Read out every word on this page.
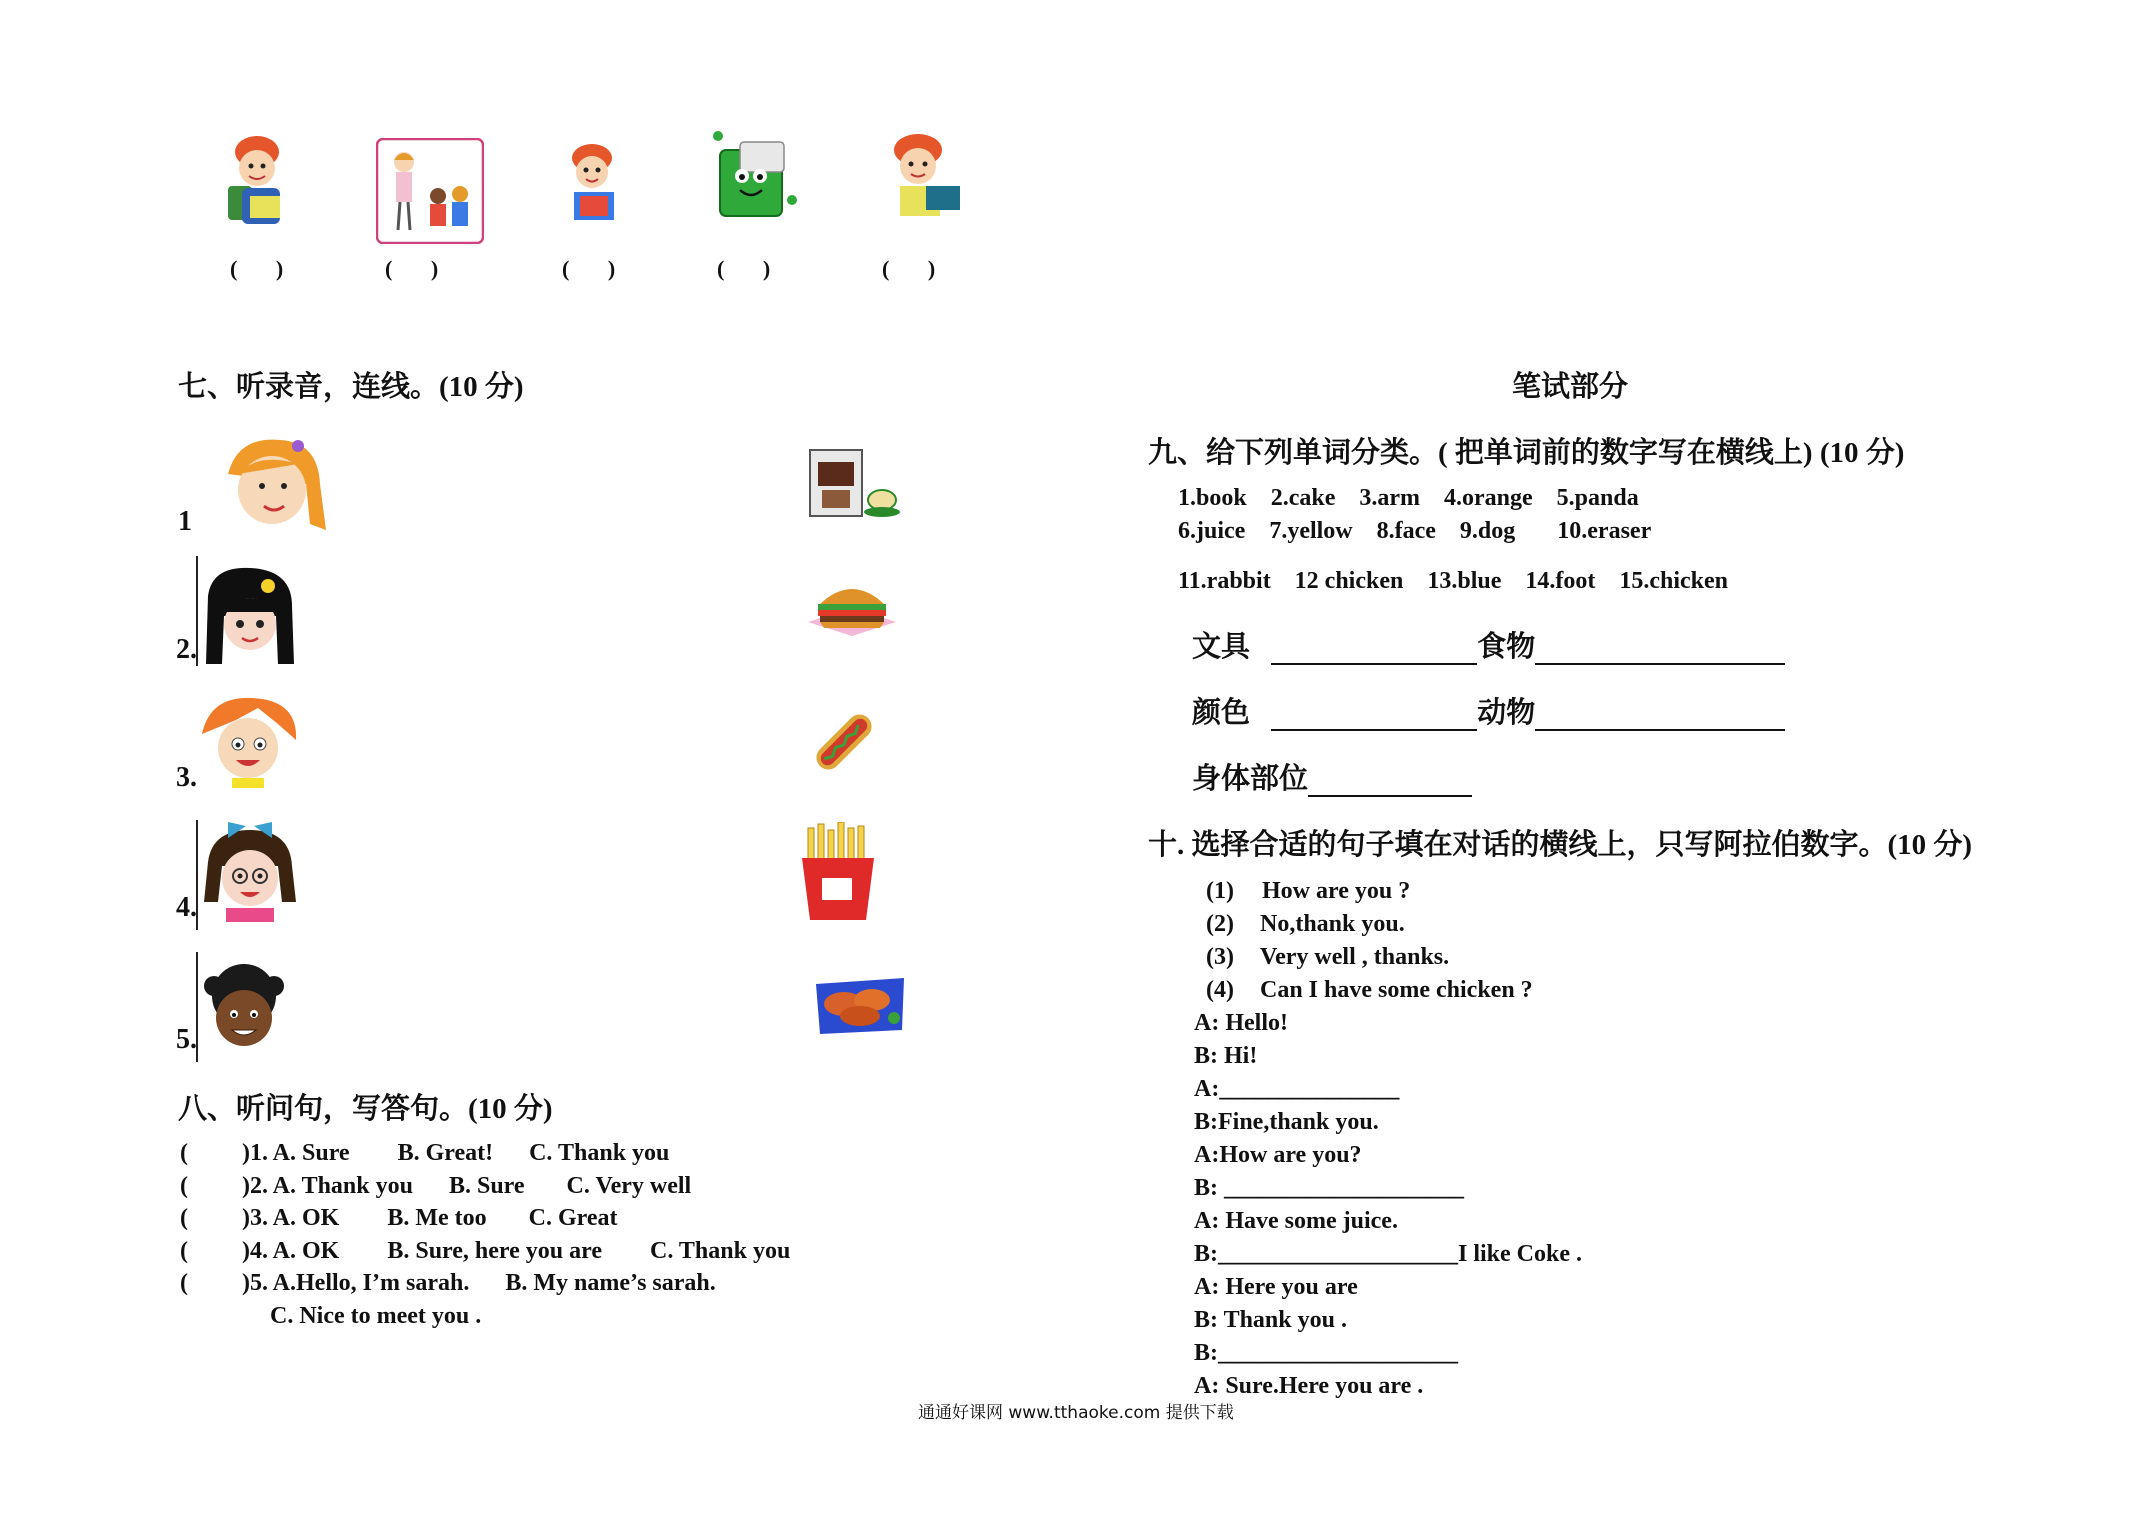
(       )	(       )	(       )	(       )	(       )
七、听录音，连线。(10 分)
1
2.
3.
4.
5.
八、听问句，写答句。(10 分)
( )1. A. Sure        B. Great!      C. Thank you
( )2. A. Thank you      B. Sure       C. Very well
( )3. A. OK        B. Me too       C. Great
( )4. A. OK        B. Sure, here you are        C. Thank you
( )5. A.Hello, I’m sarah.      B. My name’s sarah.
C. Nice to meet you .
笔试部分
九、给下列单词分类。( 把单词前的数字写在横线上) (10 分)
1.book    2.cake    3.arm    4.orange    5.panda
6.juice    7.yellow    8.face    9.dog       10.eraser
11.rabbit    12 chicken    13.blue    14.foot    15.chicken
文具	食物
颜色	动物
身体部位
十. 选择合适的句子填在对话的横线上，只写阿拉伯数字。(10 分)
(1) How are you ?
(2) No,thank you.
(3) Very well , thanks.
(4) Can I have some chicken ?
A: Hello!
B: Hi!
A:_______________
B:Fine,thank you.
A:How are you?
B: ____________________
A: Have some juice.
B:____________________I like Coke .
A: Here you are
B: Thank you .
B:____________________
A: Sure.Here you are .
通通好课网 www.tthaoke.com 提供下载
